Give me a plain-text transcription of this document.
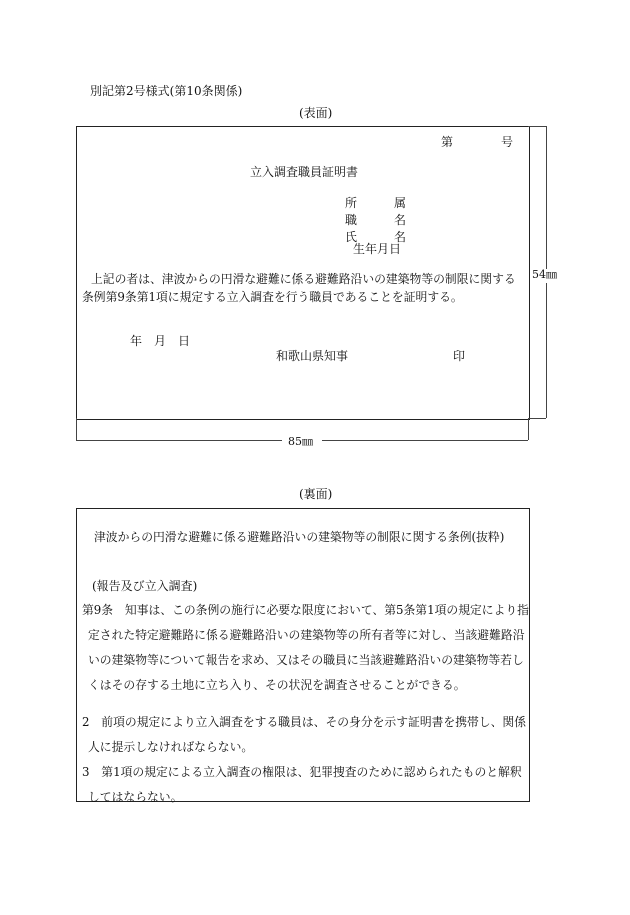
別記第2号様式(第10条関係)
(表面)
第	号
立入調査職員証明書
所	属
職	名
氏	名
生年月日
上記の者は、津波からの円滑な避難に係る避難路沿いの建築物等の制限に関する
条例第9条第1項に規定する立入調査を行う職員であることを証明する。
年　月　日
和歌山県知事	印
54㎜
85㎜
(裏面)
津波からの円滑な避難に係る避難路沿いの建築物等の制限に関する条例(抜粋)
(報告及び立入調査)
第9条　知事は、この条例の施行に必要な限度において、第5条第1項の規定により指
定された特定避難路に係る避難路沿いの建築物等の所有者等に対し、当該避難路沿
いの建築物等について報告を求め、又はその職員に当該避難路沿いの建築物等若し
くはその存する土地に立ち入り、その状況を調査させることができる。
2　前項の規定により立入調査をする職員は、その身分を示す証明書を携帯し、関係
人に提示しなければならない。
3　第1項の規定による立入調査の権限は、犯罪捜査のために認められたものと解釈
してはならない。
